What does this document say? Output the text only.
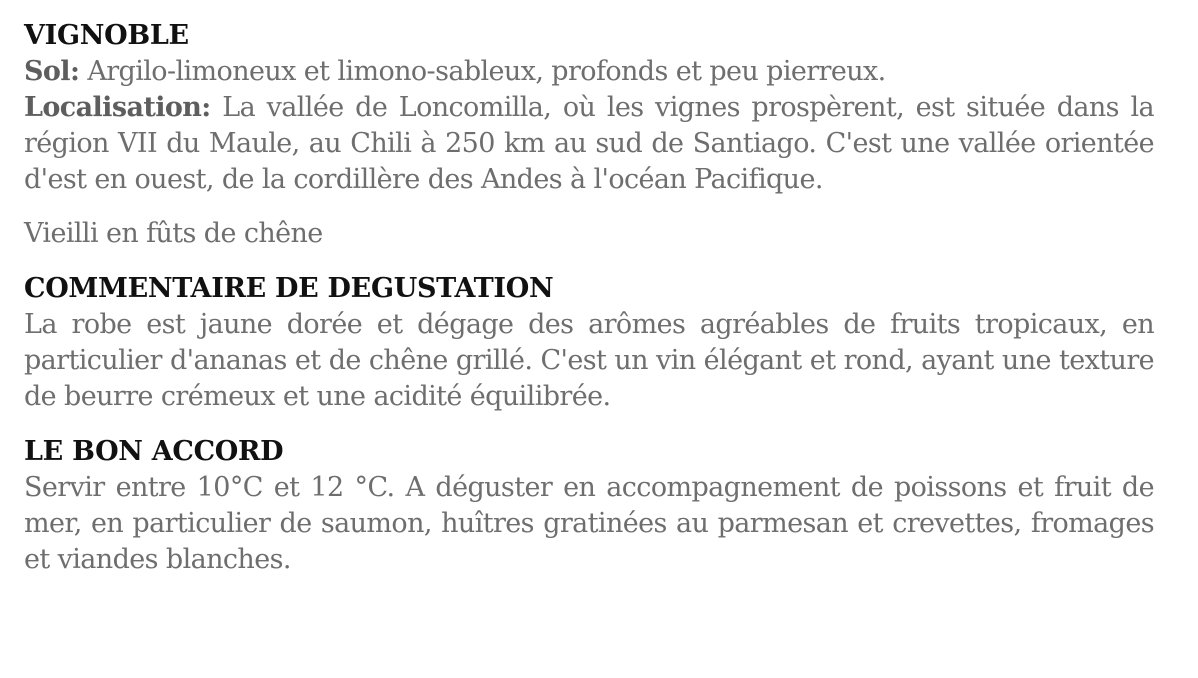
VIGNOBLE

Sol: Argilo-limoneux et limono-sableux, profonds et peu pierreux.

Localisation: La vallée de Loncomilla, où les vignes prospèrent, est située dans la région VII du Maule, au Chili à 250 km au sud de Santiago. C'est une vallée orientée d'est en ouest, de la cordillère des Andes à l'océan Pacifique.

Vieilli en fûts de chêne

COMMENTAIRE DE DEGUSTATION

La robe est jaune dorée et dégage des arômes agréables de fruits tropicaux, en particulier d'ananas et de chêne grillé. C'est un vin élégant et rond, ayant une texture de beurre crémeux et une acidité équilibrée.

LE BON ACCORD

Servir entre 10°C et 12 °C. A déguster en accompagnement de poissons et fruit de mer, en particulier de saumon, huîtres gratinées au parmesan et crevettes, fromages et viandes blanches.
